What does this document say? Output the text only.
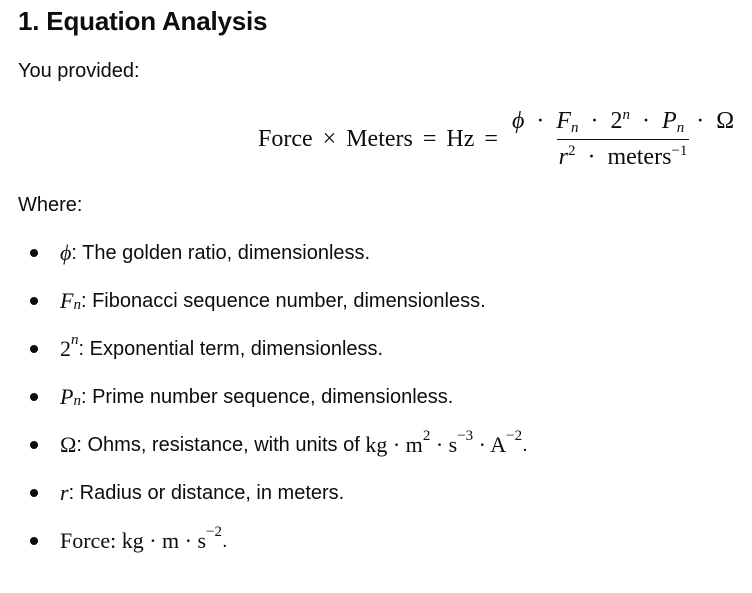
1. Equation Analysis

You provided:

Force × Meters = Hz =
$\phi \cdot F_n \cdot 2^n \cdot P_n \cdot \Omega$
$r^2$ · meters$^{-1}$

Where:

ϕ : The golden ratio, dimensionless.
$F_n$ : Fibonacci sequence number, dimensionless.
2$^n$ : Exponential term, dimensionless.
$P_n$ : Prime number sequence, dimensionless.
Ω : Ohms, resistance, with units of kg · $m^2 \cdot s^{-3} \cdot A^{-2}$ .
r : Radius or distance, in meters.
Force : kg · $m \cdot s^{-2}$ .
